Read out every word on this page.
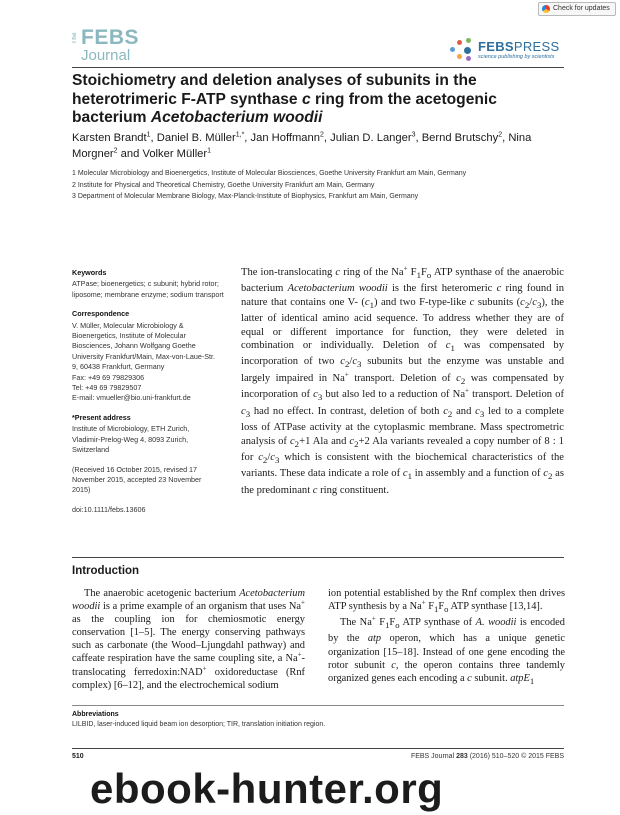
Check for updates
The FEBS
Journal
FEBSPRESS
science publishing by scientists
Stoichiometry and deletion analyses of subunits in the heterotrimeric F-ATP synthase c ring from the acetogenic bacterium Acetobacterium woodii
Karsten Brandt$^1$, Daniel B. Müller$^{1,*}$, Jan Hoffmann$^2$, Julian D. Langer$^3$, Bernd Brutschy$^2$, Nina Morgner$^2$ and Volker Müller$^1$
1 Molecular Microbiology and Bioenergetics, Institute of Molecular Biosciences, Goethe University Frankfurt am Main, Germany
2 Institute for Physical and Theoretical Chemistry, Goethe University Frankfurt am Main, Germany
3 Department of Molecular Membrane Biology, Max-Planck-Institute of Biophysics, Frankfurt am Main, Germany
Keywords

ATPase; bioenergetics; c subunit; hybrid rotor; liposome; membrane enzyme; sodium transport

Correspondence

V. Müller, Molecular Microbiology &

Bioenergetics, Institute of Molecular

Biosciences, Johann Wolfgang Goethe

University Frankfurt/Main, Max-von-Laue-Str.

9, 60438 Frankfurt, Germany

Fax: +49 69 79829306

Tel: +49 69 79829507

E-mail: vmueller@bio.uni-frankfurt.de

*Present address

Institute of Microbiology, ETH Zurich,

Vladimir-Prelog-Weg 4, 8093 Zurich,

Switzerland

(Received 16 October 2015, revised 17

November 2015, accepted 23 November

2015)

doi:10.1111/febs.13606

The ion-translocating c ring of the Na+ $F_1F_o$ ATP synthase of the anaerobic bacterium Acetobacterium woodii is the first heteromeric c ring found in nature that contains one V- $(c_1)$ and two F-type-like c subunits $(c_2/c_3)$, the latter of identical amino acid sequence. To address whether they are of equal or different importance for function, they were deleted in combination or individually. Deletion of $c_1$ was compensated by incorporation of two $c_2/c_3$ subunits but the enzyme was unstable and largely impaired in Na+ transport. Deletion of $c_2$ was compensated by incorporation of $c_3$ but also led to a reduction of Na+ transport. Deletion of $c_3$ had no effect. In contrast, deletion of both $c_2$ and $c_3$ led to a complete loss of ATPase activity at the cytoplasmic membrane. Mass spectrometric analysis of $c_2+1$ Ala and $c_2+2$ Ala variants revealed a copy number of 8 : 1 for $c_2/c_3$ which is consistent with the biochemical characteristics of the variants. These data indicate a role of $c_1$ in assembly and a function of $c_2$ as the predominant c ring constituent.

Introduction

The anaerobic acetogenic bacterium Acetobacterium woodii is a prime example of an organism that uses Na+ as the coupling ion for chemiosmotic energy conservation [1–5]. The energy conserving pathways such as carbonate (the Wood–Ljungdahl pathway) and caffeate respiration have the same coupling site, a Na+-translocating ferredoxin:NAD+ oxidoreductase (Rnf complex) [6–12], and the electrochemical sodium

ion potential established by the Rnf complex then drives ATP synthesis by a Na+ $F_1F_o$ ATP synthase [13,14].

The Na+ $F_1F_o$ ATP synthase of A. woodii is encoded by the atp operon, which has a unique genetic organization [15–18]. Instead of one gene encoding the rotor subunit c, the operon contains three tandemly organized genes each encoding a c subunit. atpE$_1$

Abbreviations

LILBID, laser-induced liquid beam ion desorption; TIR, translation initiation region.

510	FEBS Journal 283 (2016) 510–520 © 2015 FEBS
ebook-hunter.org
